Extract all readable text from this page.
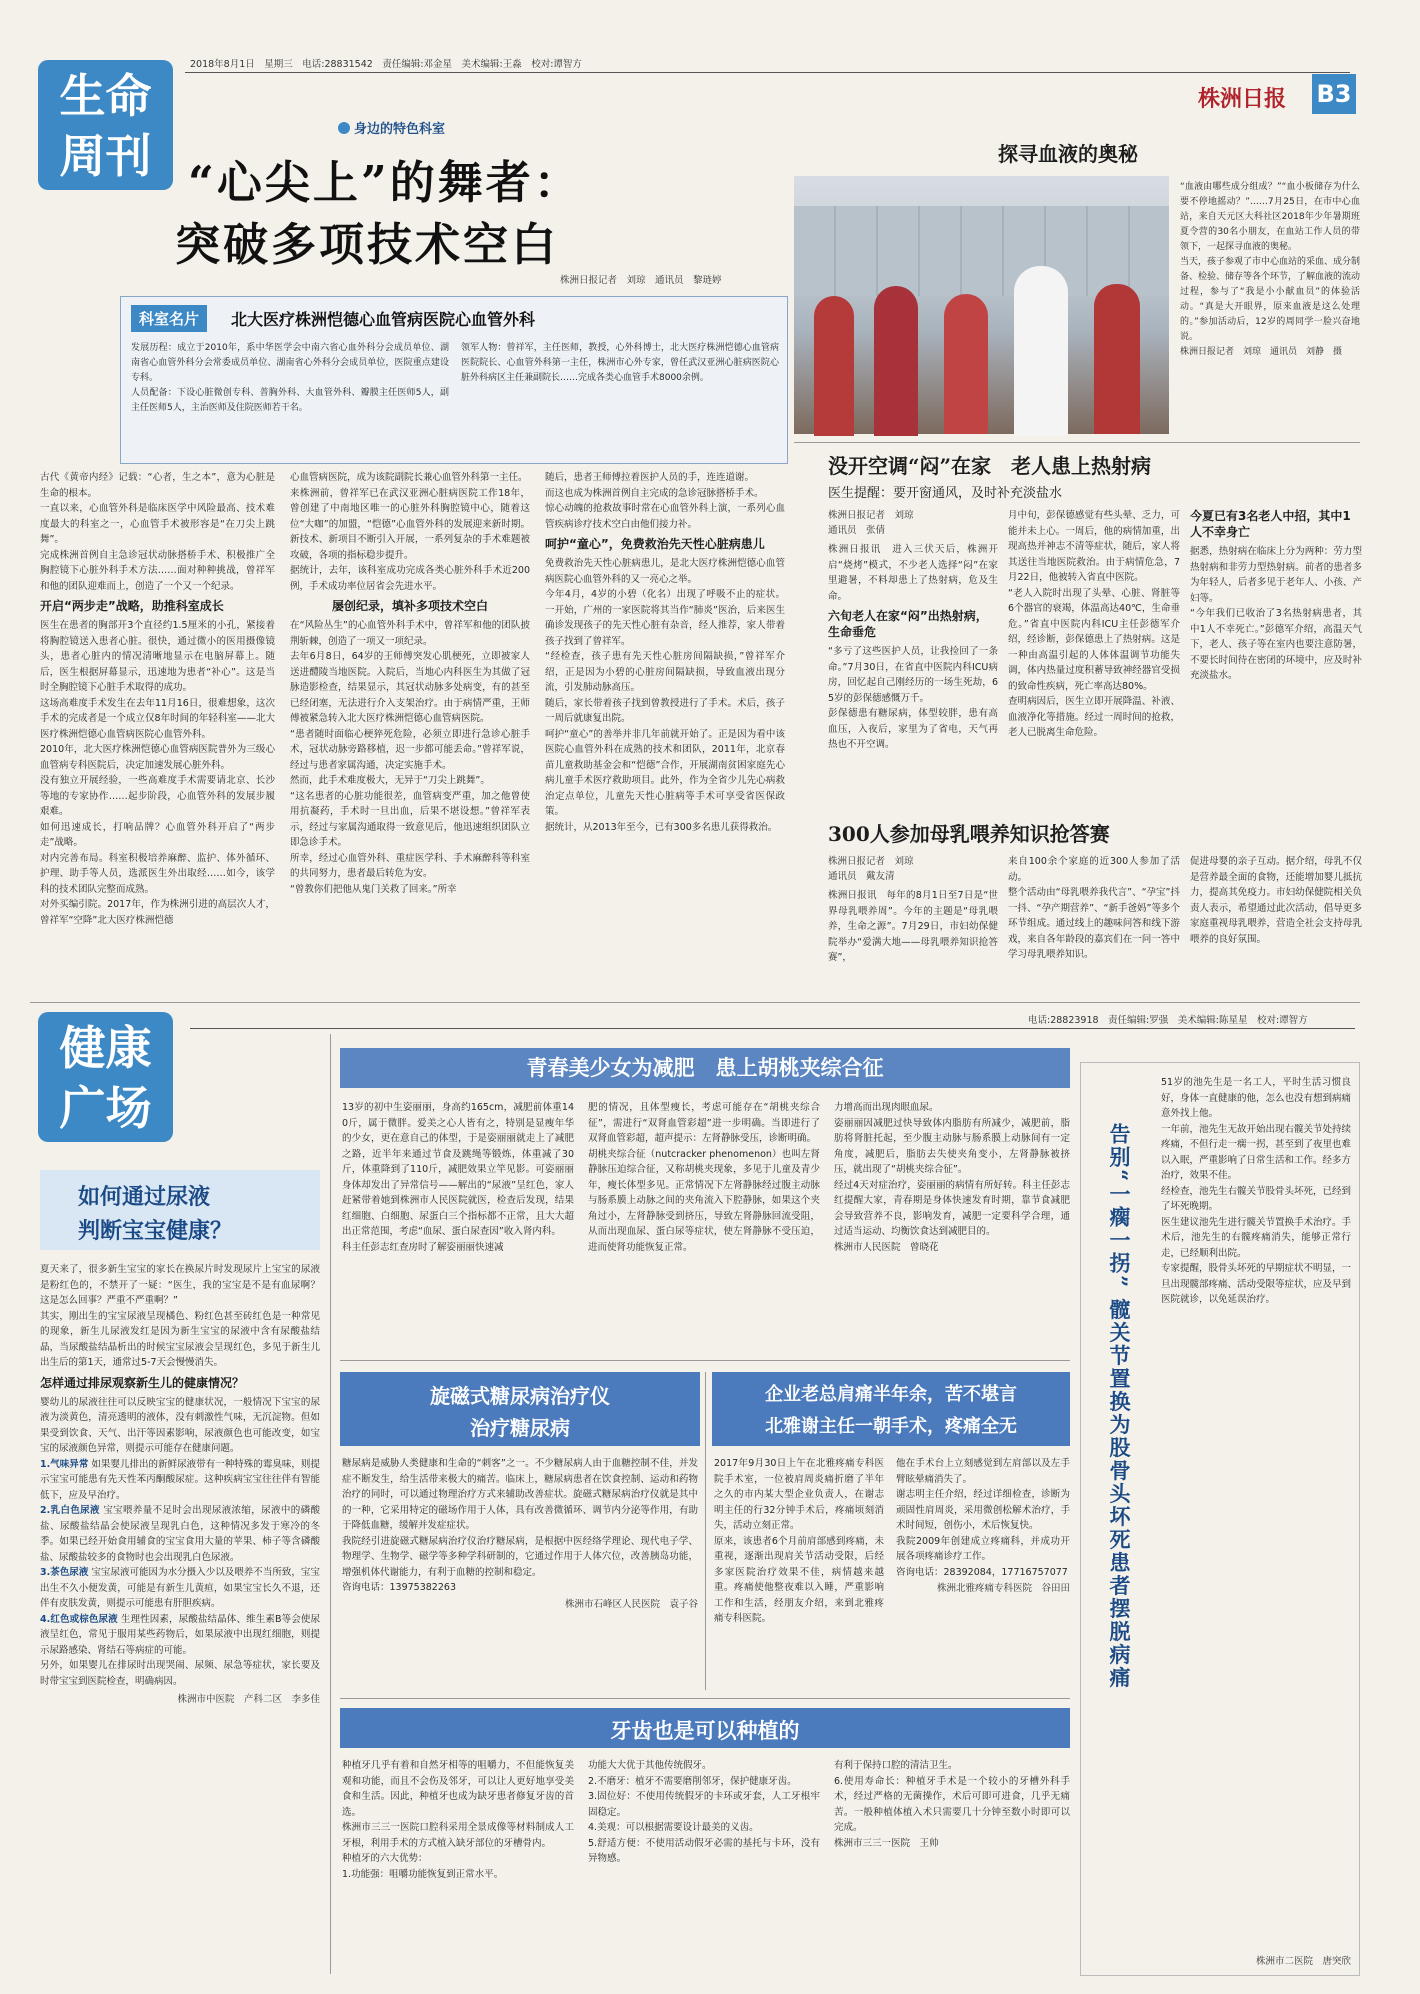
2018年8月1日　星期三　电话:28831542　责任编辑:邓金星　美术编辑:王淼　校对:谭智方
生命
周刊
株洲日报 B3
身边的特色科室
“心尖上”的舞者：
突破多项技术空白
株洲日报记者　刘琼　通讯员　黎琏婷
科室名片	北大医疗株洲恺德心血管病医院心血管外科
发展历程：成立于2010年，系中华医学会中南六省心血外科分会成员单位、湖南省心血管外科分会常委成员单位、湖南省心外科分会成员单位，医院重点建设专科。
人员配备：下设心脏微创专科、普胸外科、大血管外科、瓣膜主任医师5人，副主任医师5人，主治医师及住院医师若干名。
领军人物：曾祥军，主任医师，教授，心外科博士，北大医疗株洲恺德心血管病医院院长、心血管外科第一主任，株洲市心外专家，曾任武汉亚洲心脏病医院心脏外科病区主任兼副院长……完成各类心血管手术8000余例。
古代《黄帝内经》记载：“心者，生之本”，意为心脏是生命的根本。
一直以来，心血管外科是临床医学中风险最高、技术难度最大的科室之一，心血管手术被形容是“在刀尖上跳舞”。
完成株洲首例自主急诊冠状动脉搭桥手术、积极推广全胸腔镜下心脏外科手术方法……面对种种挑战，曾祥军和他的团队迎难而上，创造了一个又一个纪录。
开启“两步走”战略，助推科室成长
医生在患者的胸部开3个直径约1.5厘米的小孔，紧接着将胸腔镜送入患者心脏。很快，通过微小的医用摄像镜头，患者心脏内的情况清晰地显示在电脑屏幕上。随后，医生根据屏幕显示，迅速地为患者“补心”。这是当时全胸腔镜下心脏手术取得的成功。
这场高难度手术发生在去年11月16日，很难想象，这次手术的完成者是一个成立仅8年时间的年轻科室——北大医疗株洲恺德心血管病医院心血管外科。
2010年，北大医疗株洲恺德心血管病医院普外为三级心血管病专科医院后，决定加速发展心脏外科。
没有独立开展经验，一些高难度手术需要请北京、长沙等地的专家协作……起步阶段，心血管外科的发展步履艰难。
如何迅速成长，打响品牌？心血管外科开启了“两步走”战略。
对内完善布局。科室积极培养麻醉、监护、体外循环、护理、助手等人员，选派医生外出取经……如今，该学科的技术团队完整而成熟。
对外买编引院。2017年，作为株洲引进的高层次人才，曾祥军“空降”北大医疗株洲恺德
心血管病医院，成为该院副院长兼心血管外科第一主任。
来株洲前，曾祥军已在武汉亚洲心脏病医院工作18年，曾创建了中南地区唯一的心脏外科胸腔镜中心，随着这位“大咖”的加盟，“恺德”心血管外科的发展迎来新时期。新技术、新项目不断引入开展，一系列复杂的手术难题被攻破，各项的指标稳步提升。
据统计，去年，该科室成功完成各类心脏外科手术近200例，手术成功率位居省会先进水平。
屡创纪录，填补多项技术空白
在“风险丛生”的心血管外科手术中，曾祥军和他的团队披荆斩棘，创造了一项又一项纪录。
去年6月8日，64岁的王师傅突发心肌梗死，立即被家人送进醴陵当地医院。入院后，当地心内科医生为其做了冠脉造影检查，结果显示，其冠状动脉多处病变，有的甚至已经闭塞，无法进行介入支架治疗。由于病情严重，王师傅被紧急转入北大医疗株洲恺德心血管病医院。
“患者随时面临心梗猝死危险，必须立即进行急诊心脏手术，冠状动脉旁路移植，迟一步都可能丢命。”曾祥军说，经过与患者家属沟通，决定实施手术。
然而，此手术难度极大，无异于“刀尖上跳舞”。
“这名患者的心脏功能很差，血管病变严重，加之他曾使用抗凝药，手术时一旦出血，后果不堪设想。”曾祥军表示，经过与家属沟通取得一致意见后，他迅速组织团队立即急诊手术。
所幸，经过心血管外科、重症医学科、手术麻醉科等科室的共同努力，患者最后转危为安。
“曾教你们把他从鬼门关救了回来。”所幸
随后，患者王师傅拉着医护人员的手，连连道谢。
而这也成为株洲首例自主完成的急诊冠脉搭桥手术。
惊心动魄的抢救故事时常在心血管外科上演，一系列心血管疾病诊疗技术空白由他们接力补。
呵护“童心”，免费救治先天性心脏病患儿
免费救治先天性心脏病患儿，是北大医疗株洲恺德心血管病医院心血管外科的又一亮心之举。
今年4月，4岁的小碧（化名）出现了呼吸不止的症状。一开始，广州的一家医院将其当作“肺炎”医治，后来医生确诊发现孩子的先天性心脏有杂音，经人推荐，家人带着孩子找到了曾祥军。
“经检查，孩子患有先天性心脏房间隔缺损，”曾祥军介绍，正是因为小碧的心脏房间隔缺损，导致血液出现分流，引发肺动脉高压。
随后，家长带着孩子找到曾教授进行了手术。术后，孩子一周后就康复出院。
呵护“童心”的善举并非几年前就开始了。正是因为看中该医院心血管外科在成熟的技术和团队，2011年，北京春苗儿童救助基金会和“恺德”合作，开展湖南贫困家庭先心病儿童手术医疗救助项目。此外，作为全省少儿先心病救治定点单位，儿童先天性心脏病等手术可享受省医保政策。
据统计，从2013年至今，已有300多名患儿获得救治。
探寻血液的奥秘
“血液由哪些成分组成？”“血小板储存为什么要不停地摇动？”……7月25日，在市中心血站，来自天元区大科社区2018年少年暑期班夏令营的30名小朋友，在血站工作人员的带领下，一起探寻血液的奥秘。
当天，孩子参观了市中心血站的采血、成分制备、检验、储存等各个环节，了解血液的流动过程，参与了“我是小小献血员”的体验活动。“真是大开眼界，原来血液是这么处理的。”参加活动后，12岁的周同学一脸兴奋地说。
株洲日报记者　刘琼　通讯员　刘静　摄
没开空调“闷”在家　老人患上热射病
医生提醒：要开窗通风，及时补充淡盐水
株洲日报记者　刘琼
通讯员　张倩
株洲日报讯　进入三伏天后，株洲开启“烧烤”模式，不少老人选择“闷”在家里避暑，不料却患上了热射病，危及生命。
六旬老人在家“闷”出热射病，生命垂危
“多亏了这些医护人员，让我捡回了一条命。”7月30日，在省直中医院内科ICU病房，回忆起自己刚经历的一场生死劫，65岁的彭保德感慨万千。
彭保德患有糖尿病，体型较胖，患有高血压，入夜后，家里为了省电，天气再热也不开空调。
月中旬，彭保德感觉有些头晕、乏力，可能并未上心。一周后，他的病情加重，出现高热并神志不清等症状，随后，家人将其送往当地医院救治。由于病情危急，7月22日，他被转入省直中医院。
“老人入院时出现了头晕、心脏、肾脏等6个器官的衰竭，体温高达40℃，生命垂危。”省直中医院内科ICU主任彭德军介绍，经诊断，彭保德患上了热射病。这是一种由高温引起的人体体温调节功能失调，体内热量过度积蓄导致神经器官受损的致命性疾病，死亡率高达80%。
查明病因后，医生立即开展降温、补液、血液净化等措施。经过一周时间的抢救，老人已脱离生命危险。
今夏已有3名老人中招，其中1人不幸身亡
据悉，热射病在临床上分为两种：劳力型热射病和非劳力型热射病。前者的患者多为年轻人，后者多见于老年人、小孩、产妇等。
“今年我们已收治了3名热射病患者，其中1人不幸死亡。”彭德军介绍，高温天气下，老人、孩子等在室内也要注意防暑，不要长时间待在密闭的环境中，应及时补充淡盐水。
300人参加母乳喂养知识抢答赛
株洲日报记者　刘琼
通讯员　戴友清
株洲日报讯　每年的8月1日至7日是“世界母乳喂养周”。今年的主题是“母乳喂养，生命之源”。7月29日，市妇幼保健院举办“爱满大地——母乳喂养知识抢答赛”，
来自100余个家庭的近300人参加了活动。
整个活动由“母乳喂养我代言”、“孕宝”抖一抖、“孕产期营养”、“新手爸妈”等多个环节组成。通过线上的趣味问答和线下游戏，来自各年龄段的嘉宾们在一问一答中学习母乳喂养知识。
促进母婴的亲子互动。据介绍，母乳不仅是营养最全面的食物，还能增加婴儿抵抗力，提高其免疫力。市妇幼保健院相关负责人表示，希望通过此次活动，倡导更多家庭重视母乳喂养，营造全社会支持母乳喂养的良好氛围。
电话:28823918　责任编辑:罗强　美术编辑:陈星星　校对:谭智方
健康
广场
如何通过尿液
判断宝宝健康？
夏天来了，很多新生宝宝的家长在换尿片时发现尿片上宝宝的尿液是粉红色的，不禁开了一疑：“医生，我的宝宝是不是有血尿啊？这是怎么回事？严重不严重啊？”
其实，刚出生的宝宝尿液呈现橘色、粉红色甚至砖红色是一种常见的现象，新生儿尿液发红是因为新生宝宝的尿液中含有尿酸盐结晶，当尿酸盐结晶析出的时候宝宝尿液会呈现红色，多见于新生儿出生后的第1天，通常过5-7天会慢慢消失。
怎样通过排尿观察新生儿的健康情况？
婴幼儿的尿液往往可以反映宝宝的健康状况，一般情况下宝宝的尿液为淡黄色，清亮透明的液体，没有刺激性气味，无沉淀物。但如果受到饮食、天气、出汗等因素影响，尿液颜色也可能改变，如宝宝的尿液颜色异常，则提示可能存在健康问题。
1.气味异常 如果婴儿排出的新鲜尿液带有一种特殊的霉臭味，则提示宝宝可能患有先天性苯丙酮酸尿症。这种疾病宝宝往往伴有智能低下，应及早治疗。
2.乳白色尿液 宝宝喂养量不足时会出现尿液浓缩，尿液中的磷酸盐、尿酸盐结晶会使尿液呈现乳白色，这种情况多发于寒冷的冬季。如果已经开始食用辅食的宝宝食用大量的苹果、柿子等含磷酸盐、尿酸盐较多的食物时也会出现乳白色尿液。
3.茶色尿液 宝宝尿液可能因为水分摄入少以及喂养不当所致，宝宝出生不久小便发黄，可能是有新生儿黄疸，如果宝宝长久不退，还伴有皮肤发黄，则提示可能患有肝胆疾病。
4.红色或棕色尿液 生理性因素，尿酸盐结晶体、维生素B等会使尿液呈红色，常见于服用某些药物后，如果尿液中出现红细胞，则提示尿路感染、肾结石等病症的可能。
另外，如果婴儿在排尿时出现哭闹、尿频、尿急等症状，家长要及时带宝宝到医院检查，明确病因。
株洲市中医院　产科二区　李多佳
青春美少女为减肥　患上胡桃夹综合征
13岁的初中生姿丽丽，身高约165cm，减肥前体重140斤，属于微胖。爱美之心人皆有之，特别是显瘦年华的少女，更在意自己的体型，于是姿丽丽就走上了减肥之路，近半年来通过节食及跳绳等锻炼，体重减了30斤，体重降到了110斤，减肥效果立竿见影。可姿丽丽身体却发出了异常信号——解出的“尿液”呈红色，家人赶紧带着她到株洲市人民医院就医，检查后发现，结果红细胞、白细胞、尿蛋白三个指标都不正常，且大大超出正常范围，考虑“血尿、蛋白尿查因”收入肾内科。
科主任彭志红查房时了解姿丽丽快速减
肥的情况，且体型瘦长，考虑可能存在“胡桃夹综合征”，需进行“双肾血管彩超”进一步明确。当即进行了双肾血管彩超，超声提示：左肾静脉受压，诊断明确。
胡桃夹综合征（nutcracker phenomenon）也叫左肾静脉压迫综合征，又称胡桃夹现象，多见于儿童及青少年，瘦长体型多见。正常情况下左肾静脉经过腹主动脉与肠系膜上动脉之间的夹角流入下腔静脉，如果这个夹角过小，左肾静脉受到挤压，导致左肾静脉回流受阻，从而出现血尿、蛋白尿等症状，使左肾静脉不受压迫，进而使肾功能恢复正常。
力增高而出现肉眼血尿。
姿丽丽因减肥过快导致体内脂肪有所减少，减肥前，脂肪将肾脏托起，至少腹主动脉与肠系膜上动脉间有一定角度，减肥后，脂肪去失使夹角变小，左肾静脉被挤压，就出现了“胡桃夹综合征”。
经过4天对症治疗，姿丽丽的病情有所好转。科主任彭志红提醒大家，青春期是身体快速发育时期，靠节食减肥会导致营养不良，影响发育，减肥一定要科学合理，通过适当运动、均衡饮食达到减肥目的。
株洲市人民医院　曾晓花
旋磁式糖尿病治疗仪
治疗糖尿病
糖尿病是威胁人类健康和生命的“刺客”之一。不少糖尿病人由于血糖控制不佳，并发症不断发生，给生活带来极大的痛苦。临床上，糖尿病患者在饮食控制、运动和药物治疗的同时，可以通过物理治疗方式来辅助改善症状。旋磁式糖尿病治疗仪就是其中的一种，它采用特定的磁场作用于人体，具有改善微循环、调节内分泌等作用，有助于降低血糖，缓解并发症症状。
我院经引进旋磁式糖尿病治疗仪治疗糖尿病，是根据中医经络学理论、现代电子学、物理学、生物学、磁学等多种学科研制的，它通过作用于人体穴位，改善胰岛功能，增强机体代谢能力，有利于血糖的控制和稳定。
咨询电话：13975382263
株洲市石峰区人民医院　袁子谷
企业老总肩痛半年余，苦不堪言
北雅谢主任一朝手术，疼痛全无
2017年9月30日上午在北雅疼痛专科医院手术室，一位被肩周炎痛折磨了半年之久的市内某大型企业负责人，在谢志明主任的行32分钟手术后，疼痛顷刻消失，活动立刻正常。
原来，该患者6个月前肩部感到疼痛，未重视，逐渐出现肩关节活动受限，后经多家医院治疗效果不佳，病情越来越重。疼痛使他整夜难以入睡，严重影响工作和生活，经朋友介绍，来到北雅疼痛专科医院。
他在手术台上立刻感觉到左肩部以及左手臂眩晕痛消失了。
谢志明主任介绍，经过详细检查，诊断为顽固性肩周炎，采用微创松解术治疗，手术时间短，创伤小，术后恢复快。
我院2009年创建成立疼痛科，并成功开展各项疼痛诊疗工作。
咨询电话：28392084，17716757077
株洲北雅疼痛专科医院　谷田田
牙齿也是可以种植的
种植牙几乎有着和自然牙相等的咀嚼力，不但能恢复美观和功能，而且不会伤及邻牙，可以让人更好地享受美食和生活。因此，种植牙也成为缺牙患者修复牙齿的首选。
株洲市三三一医院口腔科采用全景成像等材料制成人工牙根，利用手术的方式植入缺牙部位的牙槽骨内。
种植牙的六大优势：
1.功能强：咀嚼功能恢复到正常水平。
功能大大优于其他传统假牙。
2.不磨牙：植牙不需要磨削邻牙，保护健康牙齿。
3.固位好：不使用传统假牙的卡环或牙套，人工牙根牢固稳定。
4.美观：可以根据需要设计最美的义齿。
5.舒适方便：不使用活动假牙必需的基托与卡环，没有异物感。
有利于保持口腔的清洁卫生。
6.使用寿命长：种植牙手术是一个较小的牙槽外科手术，经过严格的无菌操作，术后可即可进食，几乎无痛苦。一般种植体植入术只需要几十分钟至数小时即可以完成。
株洲市三三一医院　王帅
告别“一瘸一拐” 髋关节置换为股骨头坏死患者摆脱病痛
51岁的池先生是一名工人，平时生活习惯良好，身体一直健康的他，怎么也没有想到病痛意外找上他。
一年前，池先生无故开始出现右髋关节处持续疼痛，不但行走一瘸一拐，甚至到了夜里也难以入眠，严重影响了日常生活和工作。经多方治疗，效果不佳。
经检查，池先生右髋关节股骨头坏死，已经到了坏死晚期。
医生建议池先生进行髋关节置换手术治疗。手术后，池先生的右髋疼痛消失，能够正常行走，已经顺利出院。
专家提醒，股骨头坏死的早期症状不明显，一旦出现髋部疼痛、活动受限等症状，应及早到医院就诊，以免延误治疗。
株洲市二医院　唐突欣
